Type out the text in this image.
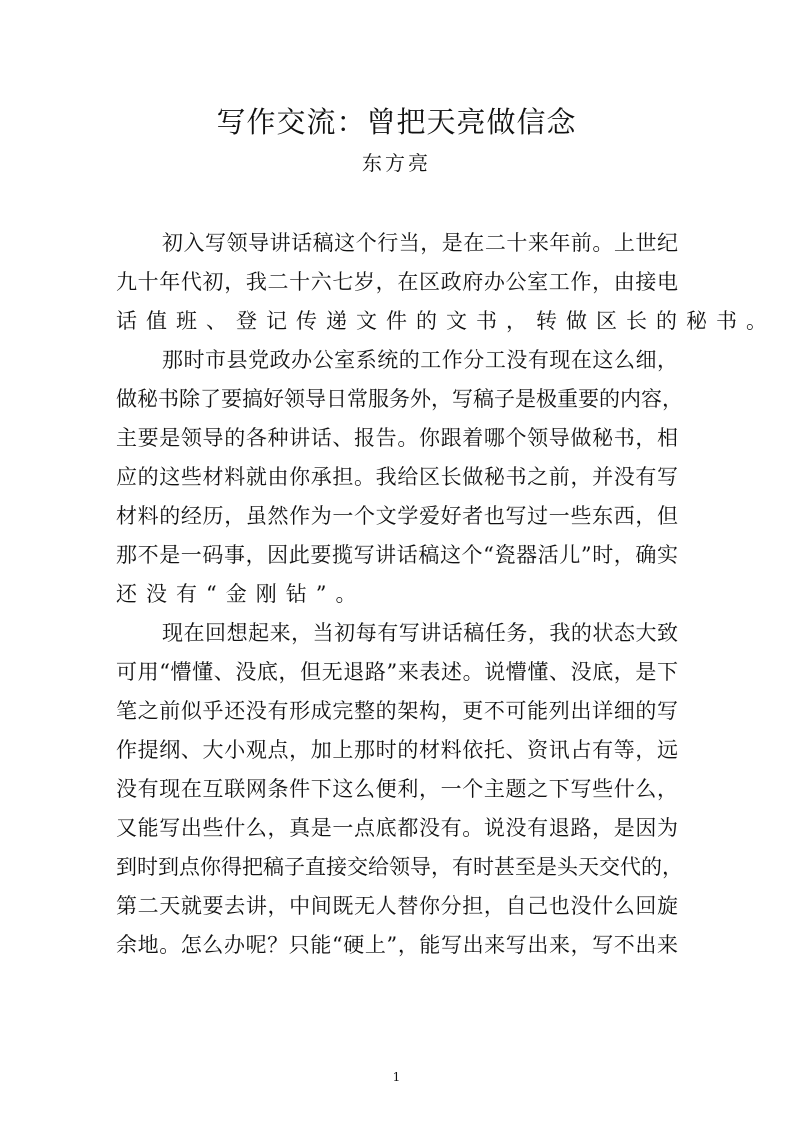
写作交流：曾把天亮做信念
东方亮
初入写领导讲话稿这个行当，是在二十来年前。上世纪
九十年代初，我二十六七岁，在区政府办公室工作，由接电
话值班、登记传递文件的文书，转做区长的秘书。
那时市县党政办公室系统的工作分工没有现在这么细，
做秘书除了要搞好领导日常服务外，写稿子是极重要的内容，
主要是领导的各种讲话、报告。你跟着哪个领导做秘书，相
应的这些材料就由你承担。我给区长做秘书之前，并没有写
材料的经历，虽然作为一个文学爱好者也写过一些东西，但
那不是一码事，因此要揽写讲话稿这个“瓷器活儿”时，确实
还没有“金刚钻”。
现在回想起来，当初每有写讲话稿任务，我的状态大致
可用“懵懂、没底，但无退路”来表述。说懵懂、没底，是下
笔之前似乎还没有形成完整的架构，更不可能列出详细的写
作提纲、大小观点，加上那时的材料依托、资讯占有等，远
没有现在互联网条件下这么便利，一个主题之下写些什么，
又能写出些什么，真是一点底都没有。说没有退路，是因为
到时到点你得把稿子直接交给领导，有时甚至是头天交代的，
第二天就要去讲，中间既无人替你分担，自己也没什么回旋
余地。怎么办呢？只能“硬上”，能写出来写出来，写不出来
1
